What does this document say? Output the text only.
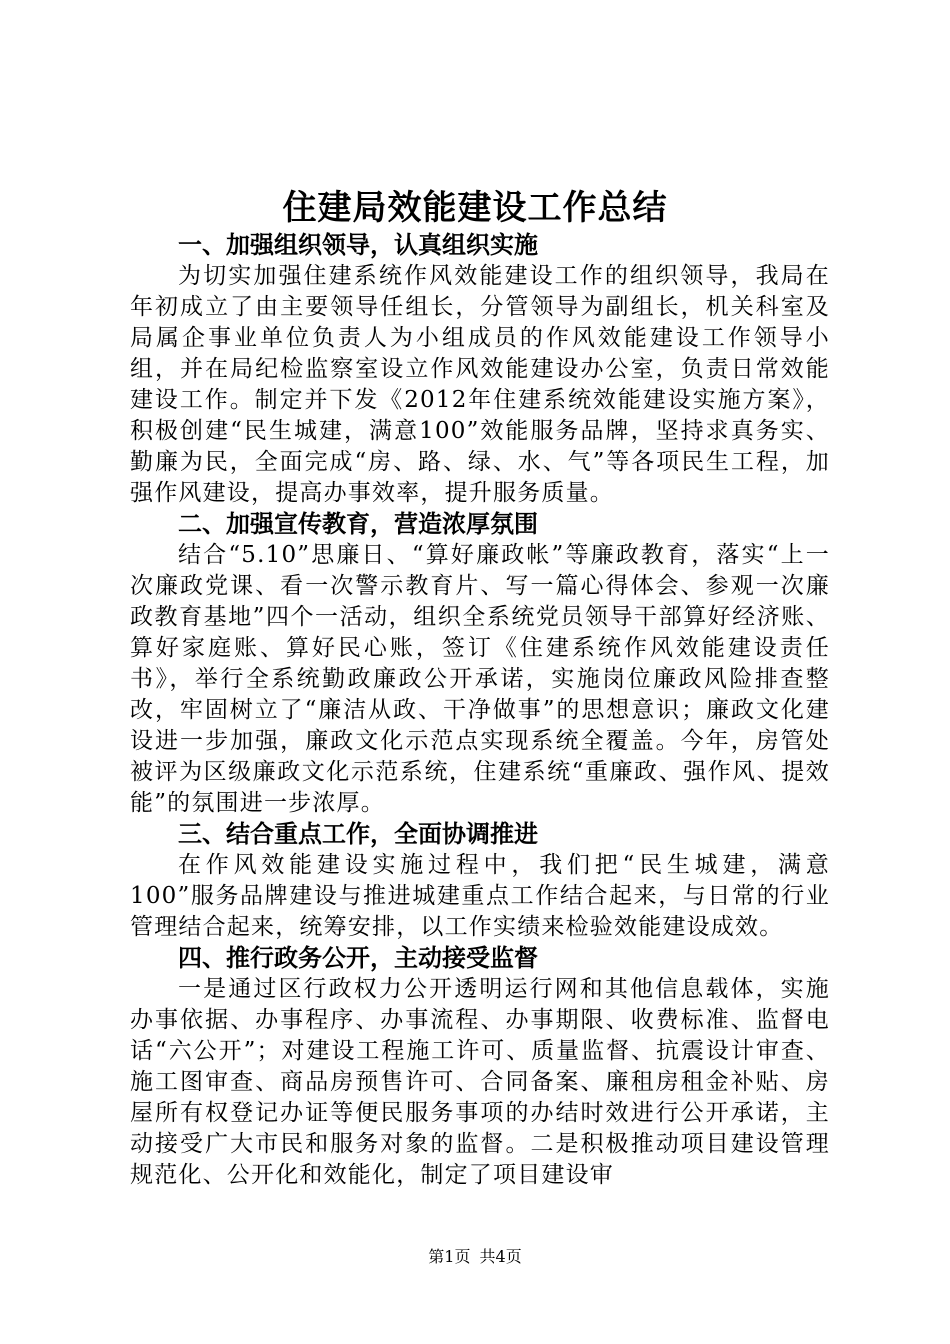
住建局效能建设工作总结

一、加强组织领导，认真组织实施

为切实加强住建系统作风效能建设工作的组织领导，我局在年初成立了由主要领导任组长，分管领导为副组长，机关科室及局属企事业单位负责人为小组成员的作风效能建设工作领导小组，并在局纪检监察室设立作风效能建设办公室，负责日常效能建设工作。制定并下发《2012年住建系统效能建设实施方案》，积极创建“民生城建，满意100”效能服务品牌，坚持求真务实、勤廉为民，全面完成“房、路、绿、水、气”等各项民生工程，加强作风建设，提高办事效率，提升服务质量。

二、加强宣传教育，营造浓厚氛围

结合“5.10”思廉日、“算好廉政帐”等廉政教育，落实“上一次廉政党课、看一次警示教育片、写一篇心得体会、参观一次廉政教育基地”四个一活动，组织全系统党员领导干部算好经济账、算好家庭账、算好民心账，签订《住建系统作风效能建设责任书》，举行全系统勤政廉政公开承诺，实施岗位廉政风险排查整改，牢固树立了“廉洁从政、干净做事”的思想意识；廉政文化建设进一步加强，廉政文化示范点实现系统全覆盖。今年，房管处被评为区级廉政文化示范系统，住建系统“重廉政、强作风、提效能”的氛围进一步浓厚。

三、结合重点工作，全面协调推进

在作风效能建设实施过程中，我们把“民生城建，满意100”服务品牌建设与推进城建重点工作结合起来，与日常的行业管理结合起来，统筹安排，以工作实绩来检验效能建设成效。

四、推行政务公开，主动接受监督

一是通过区行政权力公开透明运行网和其他信息载体，实施办事依据、办事程序、办事流程、办事期限、收费标准、监督电话“六公开”；对建设工程施工许可、质量监督、抗震设计审查、施工图审查、商品房预售许可、合同备案、廉租房租金补贴、房屋所有权登记办证等便民服务事项的办结时效进行公开承诺，主动接受广大市民和服务对象的监督。二是积极推动项目建设管理规范化、公开化和效能化，制定了项目建设审

第1页 共4页
